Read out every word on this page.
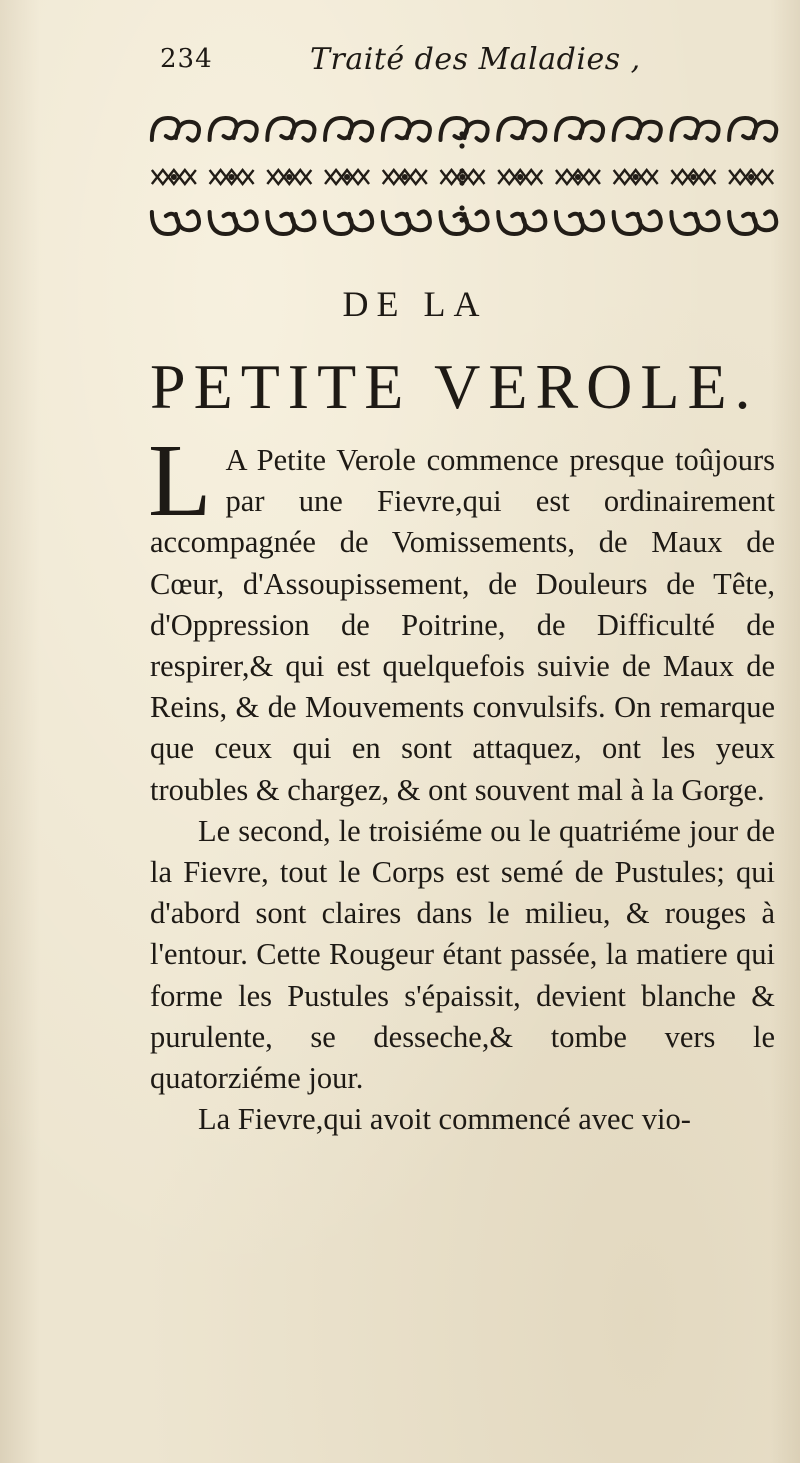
234	Traité des Maladies ,
DE LA
PETITE VEROLE.

L A Petite Verole commence presque toûjours par une Fievre,qui est ordinairement accompagnée de Vomissements, de Maux de Cœur, d'Assoupissement, de Douleurs de Tête, d'Oppression de Poitrine, de Difficulté de respirer,& qui est quelquefois suivie de Maux de Reins, & de Mouvements convulsifs. On remarque que ceux qui en sont attaquez, ont les yeux troubles & chargez, & ont souvent mal à la Gorge.

Le second, le troisiéme ou le quatriéme jour de la Fievre, tout le Corps est semé de Pustules; qui d'abord sont claires dans le milieu, & rouges à l'entour. Cette Rougeur étant passée, la matiere qui forme les Pustules s'épaissit, devient blanche & purulente, se desseche,& tombe vers le quatorziéme jour.

La Fievre,qui avoit commencé avec vio-
